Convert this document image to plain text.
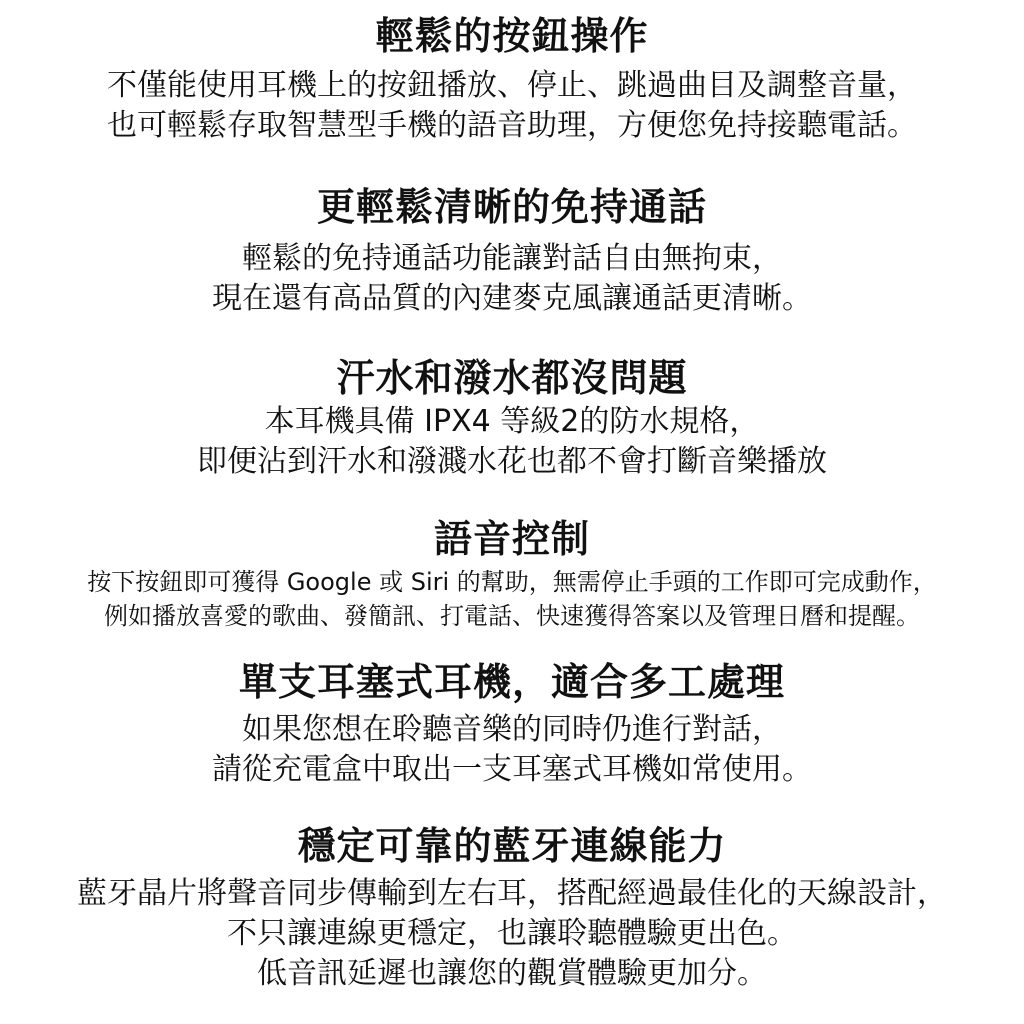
輕鬆的按鈕操作

不僅能使用耳機上的按鈕播放、停止、跳過曲目及調整音量，

也可輕鬆存取智慧型手機的語音助理，方便您免持接聽電話。

更輕鬆清晰的免持通話

輕鬆的免持通話功能讓對話自由無拘束，

現在還有高品質的內建麥克風讓通話更清晰。

汗水和潑水都沒問題

本耳機具備 IPX4 等級2的防水規格，

即便沾到汗水和潑濺水花也都不會打斷音樂播放

語音控制

按下按鈕即可獲得 Google 或 Siri 的幫助，無需停止手頭的工作即可完成動作，

例如播放喜愛的歌曲、發簡訊、打電話、快速獲得答案以及管理日曆和提醒。

單支耳塞式耳機，適合多工處理

如果您想在聆聽音樂的同時仍進行對話，

請從充電盒中取出一支耳塞式耳機如常使用。

穩定可靠的藍牙連線能力

藍牙晶片將聲音同步傳輸到左右耳，搭配經過最佳化的天線設計，

不只讓連線更穩定，也讓聆聽體驗更出色。

低音訊延遲也讓您的觀賞體驗更加分。
